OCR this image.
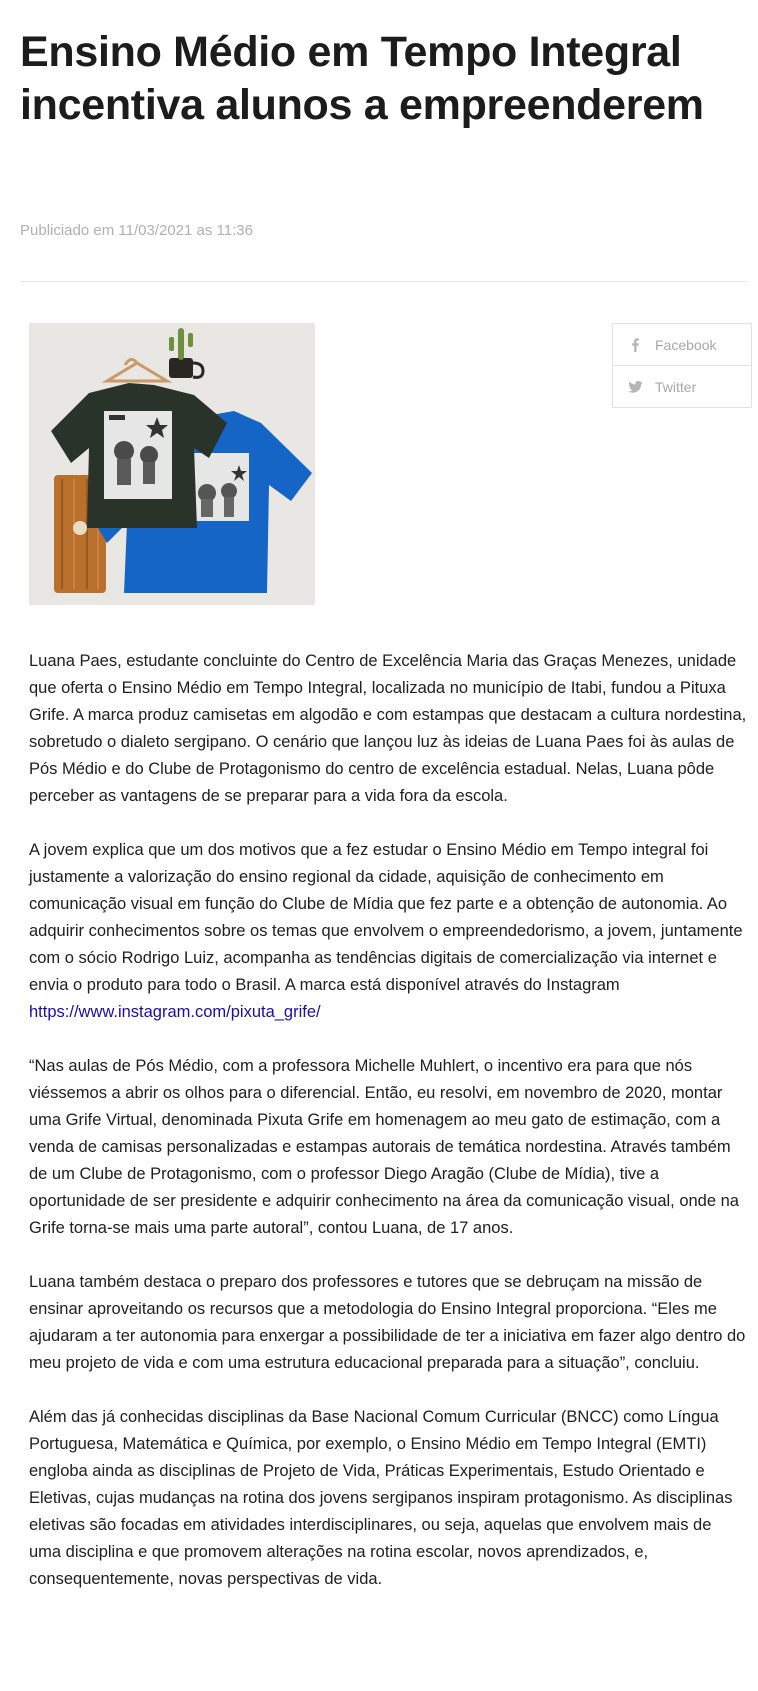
Ensino Médio em Tempo Integral incentiva alunos a empreenderem
Publiciado em 11/03/2021 as 11:36
Facebook
Twitter

Luana Paes, estudante concluinte do Centro de Excelência Maria das Graças Menezes, unidade que oferta o Ensino Médio em Tempo Integral, localizada no município de Itabi, fundou a Pituxa Grife. A marca produz camisetas em algodão e com estampas que destacam a cultura nordestina, sobretudo o dialeto sergipano. O cenário que lançou luz às ideias de Luana Paes foi às aulas de Pós Médio e do Clube de Protagonismo do centro de excelência estadual. Nelas, Luana pôde perceber as vantagens de se preparar para a vida fora da escola.

A jovem explica que um dos motivos que a fez estudar o Ensino Médio em Tempo integral foi justamente a valorização do ensino regional da cidade, aquisição de conhecimento em comunicação visual em função do Clube de Mídia que fez parte e a obtenção de autonomia. Ao adquirir conhecimentos sobre os temas que envolvem o empreendedorismo, a jovem, juntamente com o sócio Rodrigo Luiz, acompanha as tendências digitais de comercialização via internet e envia o produto para todo o Brasil. A marca está disponível através do Instagram https://www.instagram.com/pixuta_grife/

“Nas aulas de Pós Médio, com a professora Michelle Muhlert, o incentivo era para que nós viéssemos a abrir os olhos para o diferencial. Então, eu resolvi, em novembro de 2020, montar uma Grife Virtual, denominada Pixuta Grife em homenagem ao meu gato de estimação, com a venda de camisas personalizadas e estampas autorais de temática nordestina. Através também de um Clube de Protagonismo, com o professor Diego Aragão (Clube de Mídia), tive a oportunidade de ser presidente e adquirir conhecimento na área da comunicação visual, onde na Grife torna-se mais uma parte autoral”, contou Luana, de 17 anos.

Luana também destaca o preparo dos professores e tutores que se debruçam na missão de ensinar aproveitando os recursos que a metodologia do Ensino Integral proporciona. “Eles me ajudaram a ter autonomia para enxergar a possibilidade de ter a iniciativa em fazer algo dentro do meu projeto de vida e com uma estrutura educacional preparada para a situação”, concluiu.

Além das já conhecidas disciplinas da Base Nacional Comum Curricular (BNCC) como Língua Portuguesa, Matemática e Química, por exemplo, o Ensino Médio em Tempo Integral (EMTI) engloba ainda as disciplinas de Projeto de Vida, Práticas Experimentais, Estudo Orientado e Eletivas, cujas mudanças na rotina dos jovens sergipanos inspiram protagonismo. As disciplinas eletivas são focadas em atividades interdisciplinares, ou seja, aquelas que envolvem mais de uma disciplina e que promovem alterações na rotina escolar, novos aprendizados, e, consequentemente, novas perspectivas de vida.
